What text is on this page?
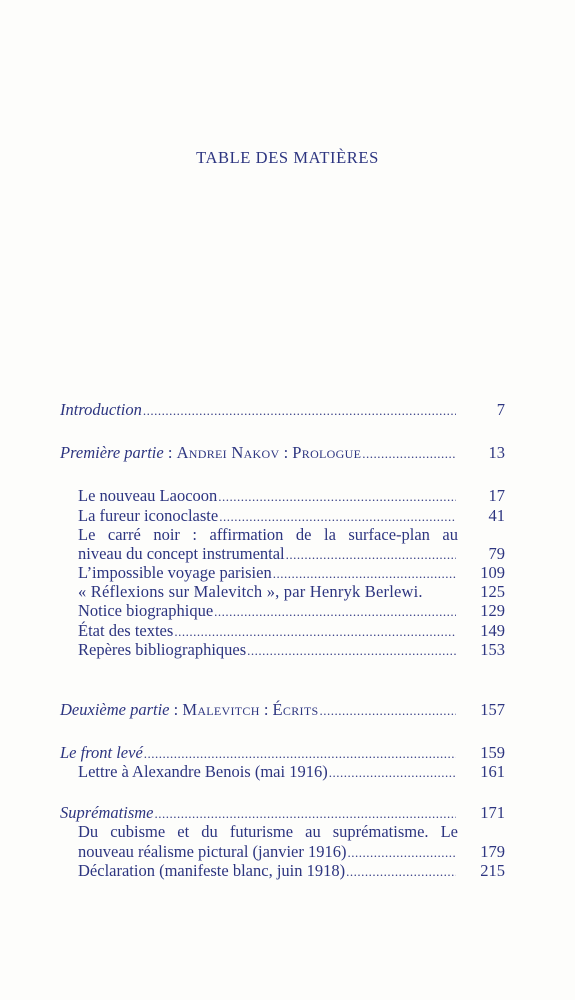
TABLE DES MATIÈRES
Introduction .....	7
Première partie : Andrei Nakov : Prologue .....	13
Le nouveau Laocoon .....	17
La fureur iconoclaste .....	41
Le carré noir : affirmation de la surface-plan au
niveau du concept instrumental .....	79
L’impossible voyage parisien .....	109
« Réflexions sur Malevitch », par Henryk Berlewi.	125
Notice biographique .....	129
État des textes .....	149
Repères bibliographiques .....	153
Deuxième partie : Malevitch : Écrits .....	157
Le front levé .....	159
Lettre à Alexandre Benois (mai 1916) .....	161
Suprématisme .....	171
Du cubisme et du futurisme au suprématisme. Le
nouveau réalisme pictural (janvier 1916) .....	179
Déclaration (manifeste blanc, juin 1918) .....	215
